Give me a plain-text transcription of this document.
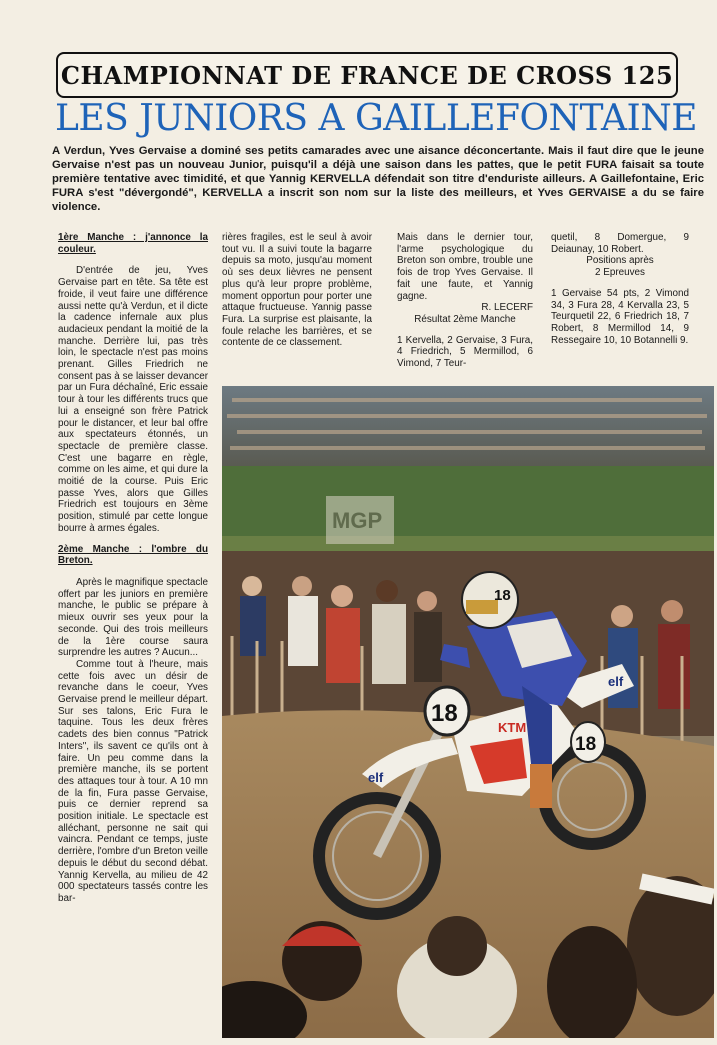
CHAMPIONNAT DE FRANCE DE CROSS 125
LES JUNIORS A GAILLEFONTAINE
A Verdun, Yves Gervaise a dominé ses petits camarades avec une aisance déconcertante. Mais il faut dire que le jeune Gervaise n'est pas un nouveau Junior, puisqu'il a déjà une saison dans les pattes, que le petit FURA faisait sa toute première tentative avec timidité, et que Yannig KERVELLA défendait son titre d'enduriste ailleurs. A Gaillefontaine, Eric FURA s'est "dévergondé", KERVELLA a inscrit son nom sur la liste des meilleurs, et Yves GERVAISE a du se faire violence.

1ère Manche : j'annonce la couleur.

D'entrée de jeu, Yves Gervaise part en tête. Sa tête est froide, il veut faire une différence aussi nette qu'à Verdun, et il dicte la cadence infernale aux plus audacieux pendant la moitié de la manche. Derrière lui, pas très loin, le spectacle n'est pas moins prenant. Gilles Friedrich ne consent pas à se laisser devancer par un Fura déchaîné, Eric essaie tour à tour les différents trucs que lui a enseigné son frère Patrick pour le distancer, et leur bal offre aux spectateurs étonnés, un spectacle de première classe. C'est une bagarre en règle, comme on les aime, et qui dure la moitié de la course. Puis Eric passe Yves, alors que Gilles Friedrich est toujours en 3ème position, stimulé par cette longue bourre à armes égales.

2ème Manche : l'ombre du Breton.

Après le magnifique spectacle offert par les juniors en première manche, le public se prépare à mieux ouvrir ses yeux pour la seconde. Qui des trois meilleurs de la 1ère course saura surprendre les autres ? Aucun...

Comme tout à l'heure, mais cette fois avec un désir de revanche dans le coeur, Yves Gervaise prend le meilleur départ. Sur ses talons, Eric Fura le taquine. Tous les deux frères cadets des bien connus "Patrick Inters", ils savent ce qu'ils ont à faire. Un peu comme dans la première manche, ils se portent des attaques tour à tour. A 10 mn de la fin, Fura passe Gervaise, puis ce dernier reprend sa position initiale. Le spectacle est alléchant, personne ne sait qui vaincra. Pendant ce temps, juste derrière, l'ombre d'un Breton veille depuis le début du second débat. Yannig Kervella, au milieu de 42 000 spectateurs tassés contre les bar-

rières fragiles, est le seul à avoir tout vu. Il a suivi toute la bagarre depuis sa moto, jusqu'au moment où ses deux lièvres ne pensent plus qu'à leur propre problème, moment opportun pour porter une attaque fructueuse. Yannig passe Fura. La surprise est plaisante, la foule relache les barrières, et se contente de ce classement.

Mais dans le dernier tour, l'arme psychologique du Breton son ombre, trouble une fois de trop Yves Gervaise. Il fait une faute, et Yannig gagne.

R. LECERF

Résultat 2ème Manche

1 Kervella, 2 Gervaise, 3 Fura, 4 Friedrich, 5 Mermillod, 6 Vimond, 7 Teur-

quetil, 8 Domergue, 9 Deiaunay, 10 Robert.

Positions après

2 Epreuves

1 Gervaise 54 pts, 2 Vimond 34, 3 Fura 28, 4 Kervalla 23, 5 Teurquetil 22, 6 Friedrich 18, 7 Robert, 8 Mermillod 14, 9 Ressegaire 10, 10 Botannelli 9.

KTM
18
18
elf
elf
18
MGP
